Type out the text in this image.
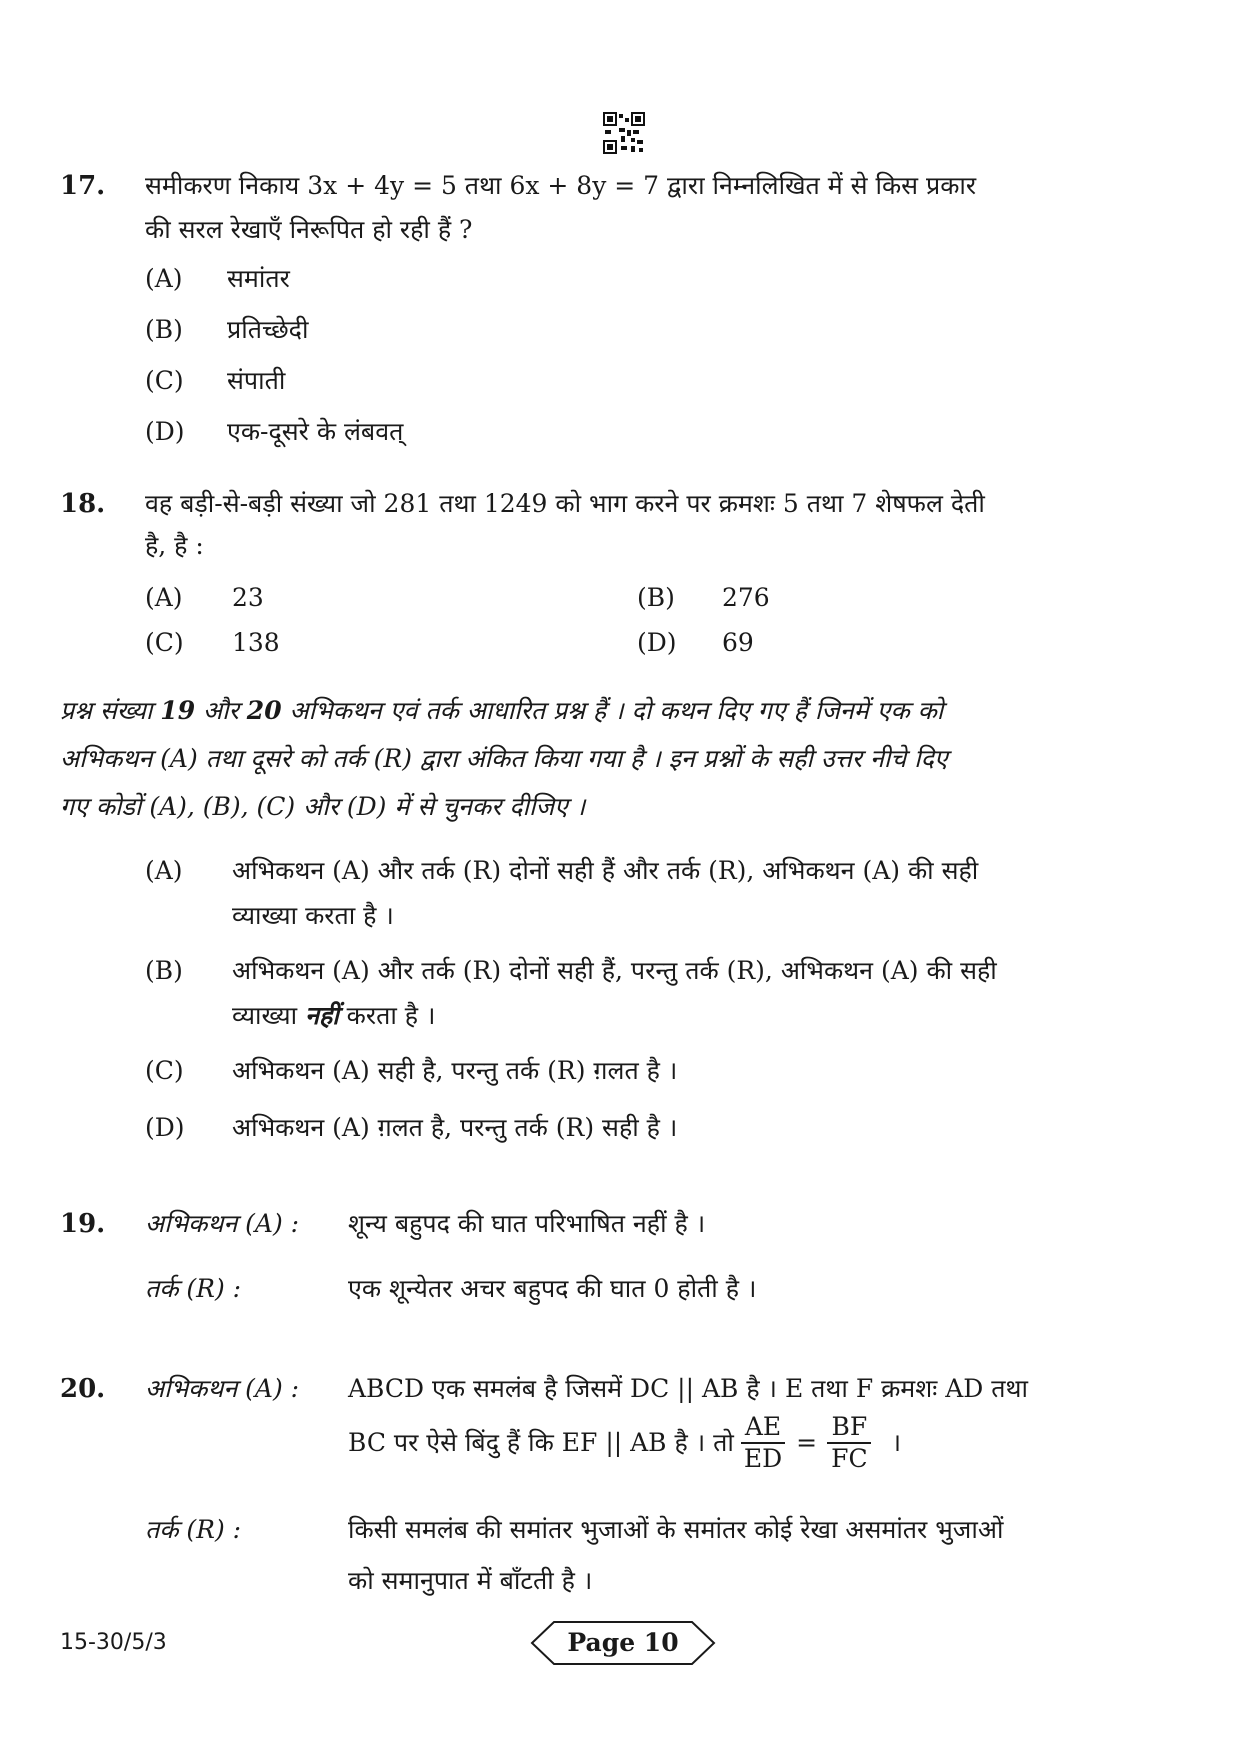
17. समीकरण निकाय 3x + 4y = 5 तथा 6x + 8y = 7 द्वारा निम्नलिखित में से किस प्रकार
की सरल रेखाएँ निरूपित हो रही हैं ?
(A) समांतर
(B) प्रतिच्छेदी
(C) संपाती
(D) एक-दूसरे के लंबवत्
18. वह बड़ी-से-बड़ी संख्या जो 281 तथा 1249 को भाग करने पर क्रमशः 5 तथा 7 शेषफल देती
है, है :
(A) 23	(B) 276
(C) 138	(D) 69
प्रश्न संख्या 19 और 20 अभिकथन एवं तर्क आधारित प्रश्न हैं । दो कथन दिए गए हैं जिनमें एक को
अभिकथन (A) तथा दूसरे को तर्क (R) द्वारा अंकित किया गया है । इन प्रश्नों के सही उत्तर नीचे दिए
गए कोडों (A), (B), (C) और (D) में से चुनकर दीजिए ।
(A) अभिकथन (A) और तर्क (R) दोनों सही हैं और तर्क (R), अभिकथन (A) की सही
व्याख्या करता है ।
(B) अभिकथन (A) और तर्क (R) दोनों सही हैं, परन्तु तर्क (R), अभिकथन (A) की सही
व्याख्या नहीं करता है ।
(C) अभिकथन (A) सही है, परन्तु तर्क (R) ग़लत है ।
(D) अभिकथन (A) ग़लत है, परन्तु तर्क (R) सही है ।
19. अभिकथन (A) : शून्य बहुपद की घात परिभाषित नहीं है ।
तर्क (R) :	एक शून्येतर अचर बहुपद की घात 0 होती है ।
20. अभिकथन (A) : ABCD एक समलंब है जिसमें DC || AB है । E तथा F क्रमशः AD तथा
BC पर ऐसे बिंदु हैं कि EF || AB है । तो $\frac{AE}{ED} = \frac{BF}{FC}$ ।
तर्क (R) :	किसी समलंब की समांतर भुजाओं के समांतर कोई रेखा असमांतर भुजाओं
को समानुपात में बाँटती है ।
15-30/5/3	Page 10
